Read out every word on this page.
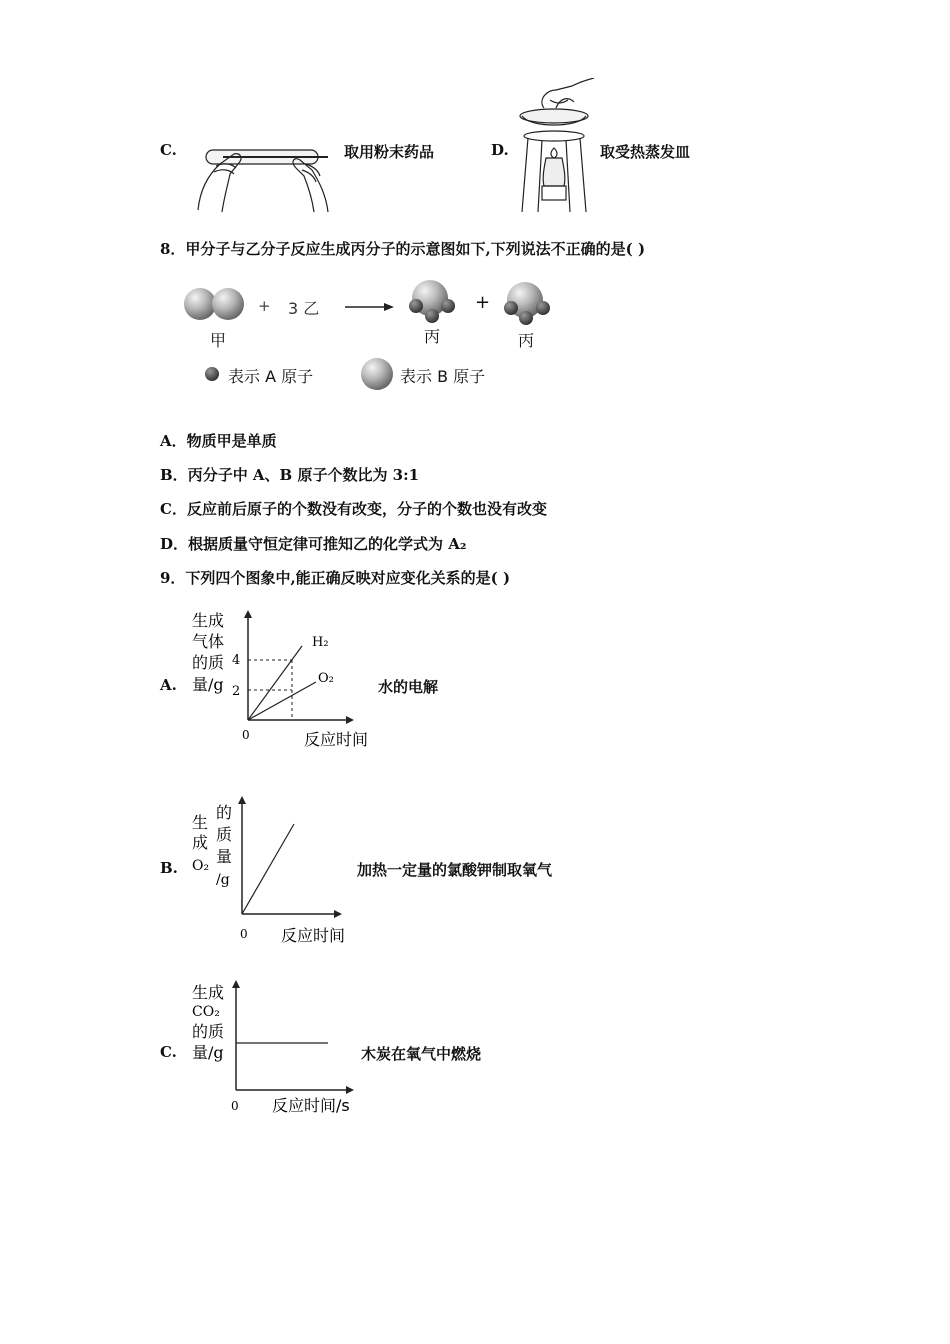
C.	取用粉末药品	D.	取受热蒸发皿
8．甲分子与乙分子反应生成丙分子的示意图如下,下列说法不正确的是( )
+ 3 乙
甲
+
丙	丙
表示 A 原子	表示 B 原子
A．物质甲是单质
B．丙分子中 A、B 原子个数比为 3:1
C．反应前后原子的个数没有改变，分子的个数也没有改变
D．根据质量守恒定律可推知乙的化学式为 A₂
9．下列四个图象中,能正确反映对应变化关系的是( )
A.
生成
气体
的质
量/g
0
4
2
H₂
O₂
反应时间
水的电解
B.
生
成
的
质
量
O₂
/g
0 反应时间
加热一定量的氯酸钾制取氧气
C.
生成
的质
量/g
CO₂
0 反应时间/s
木炭在氧气中燃烧
